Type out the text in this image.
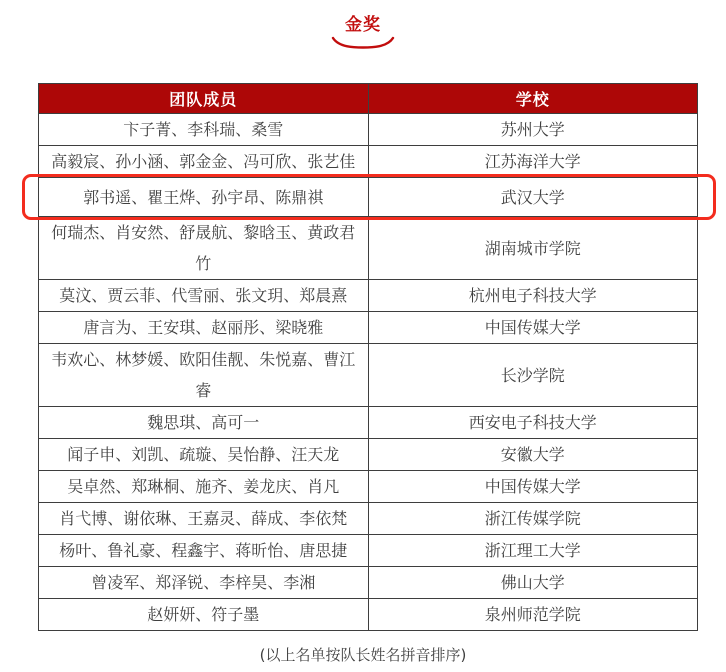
金奖
团队成员	学校
卞子菁、李科瑞、桑雪	苏州大学
高毅宸、孙小涵、郭金金、冯可欣、张艺佳	江苏海洋大学
郭书遥、瞿王烨、孙宇昂、陈鼎祺	武汉大学
何瑞杰、肖安然、舒晟航、黎晗玉、黄政君竹	湖南城市学院
莫汶、贾云菲、代雪丽、张文玥、郑晨熹	杭州电子科技大学
唐言为、王安琪、赵丽彤、梁晓雅	中国传媒大学
韦欢心、林梦媛、欧阳佳靓、朱悦嘉、曹江睿	长沙学院
魏思琪、高可一	西安电子科技大学
闻子申、刘凯、疏璇、吴怡静、汪天龙	安徽大学
吴卓然、郑琳桐、施齐、姜龙庆、肖凡	中国传媒大学
肖弋博、谢依琳、王嘉灵、薛成、李依梵	浙江传媒学院
杨叶、鲁礼豪、程鑫宇、蒋昕怡、唐思捷	浙江理工大学
曾凌军、郑泽锐、李梓昊、李湘	佛山大学
赵妍妍、符子墨	泉州师范学院
(以上名单按队长姓名拼音排序)
